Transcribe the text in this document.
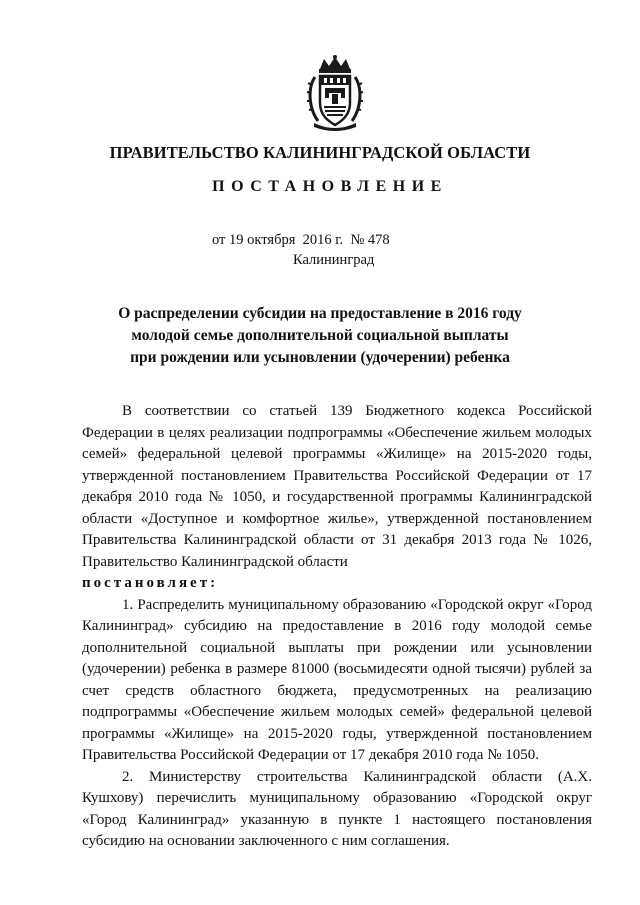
ПРАВИТЕЛЬСТВО КАЛИНИНГРАДСКОЙ ОБЛАСТИ
ПОСТАНОВЛЕНИЕ
от 19 октября 2016 г. № 478
Калининград
О распределении субсидии на предоставление в 2016 году
молодой семье дополнительной социальной выплаты
при рождении или усыновлении (удочерении) ребенка

В соответствии со статьей 139 Бюджетного кодекса Российской Федерации в целях реализации подпрограммы «Обеспечение жильем молодых семей» федеральной целевой программы «Жилище» на 2015-2020 годы, утвержденной постановлением Правительства Российской Федерации от 17 декабря 2010 года № 1050, и государственной программы Калининградской области «Доступное и комфортное жилье», утвержденной постановлением Правительства Калининградской области от 31 декабря 2013 года № 1026, Правительство Калининградской области

постановляет:

1. Распределить муниципальному образованию «Городской округ «Город Калининград» субсидию на предоставление в 2016 году молодой семье дополнительной социальной выплаты при рождении или усыновлении (удочерении) ребенка в размере 81000 (восьмидесяти одной тысячи) рублей за счет средств областного бюджета, предусмотренных на реализацию подпрограммы «Обеспечение жильем молодых семей» федеральной целевой программы «Жилище» на 2015-2020 годы, утвержденной постановлением Правительства Российской Федерации от 17 декабря 2010 года № 1050.

2. Министерству строительства Калининградской области (А.Х. Кушхову) перечислить муниципальному образованию «Городской округ «Город Калининград» указанную в пункте 1 настоящего постановления субсидию на основании заключенного с ним соглашения.
